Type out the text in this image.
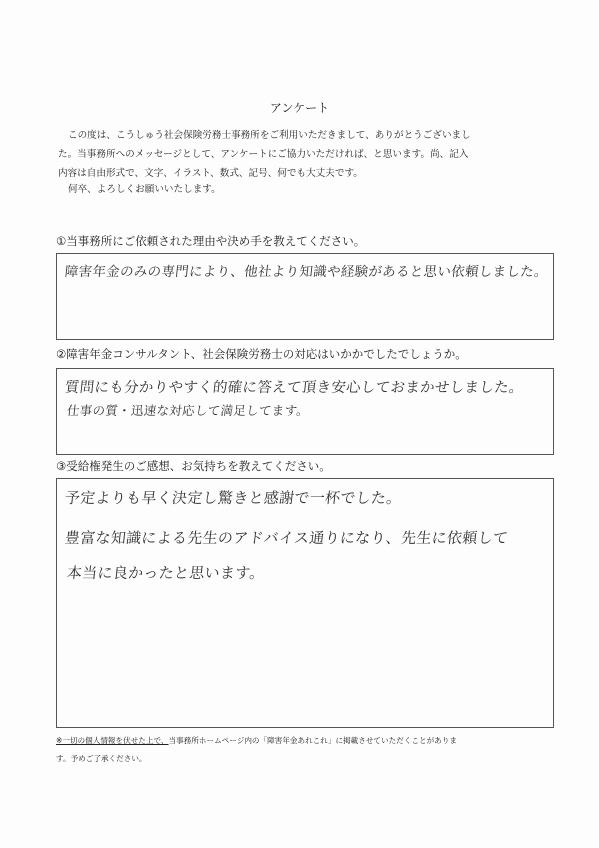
アンケート
この度は、こうしゅう社会保険労務士事務所をご利用いただきまして、ありがとうございまし
た。当事務所へのメッセージとして、アンケートにご協力いただければ、と思います。尚、記入
内容は自由形式で、文字、イラスト、数式、記号、何でも大丈夫です。
何卒、よろしくお願いいたします。
①当事務所にご依頼された理由や決め手を教えてください。
障害年金のみの専門により、他社より知識や経験があると思い依頼しました。
②障害年金コンサルタント、社会保険労務士の対応はいかかでしたでしょうか。
質問にも分かりやすく的確に答えて頂き安心しておまかせしました。
仕事の質・迅速な対応して満足してます。
③受給権発生のご感想、お気持ちを教えてください。
予定よりも早く決定し驚きと感謝で一杯でした。
豊富な知識による先生のアドバイス通りになり、先生に依頼して
本当に良かったと思います。
※一切の個人情報を伏せた上で、当事務所ホームページ内の「障害年金あれこれ」に掲載させていただくことがありま
す。予めご了承ください。
